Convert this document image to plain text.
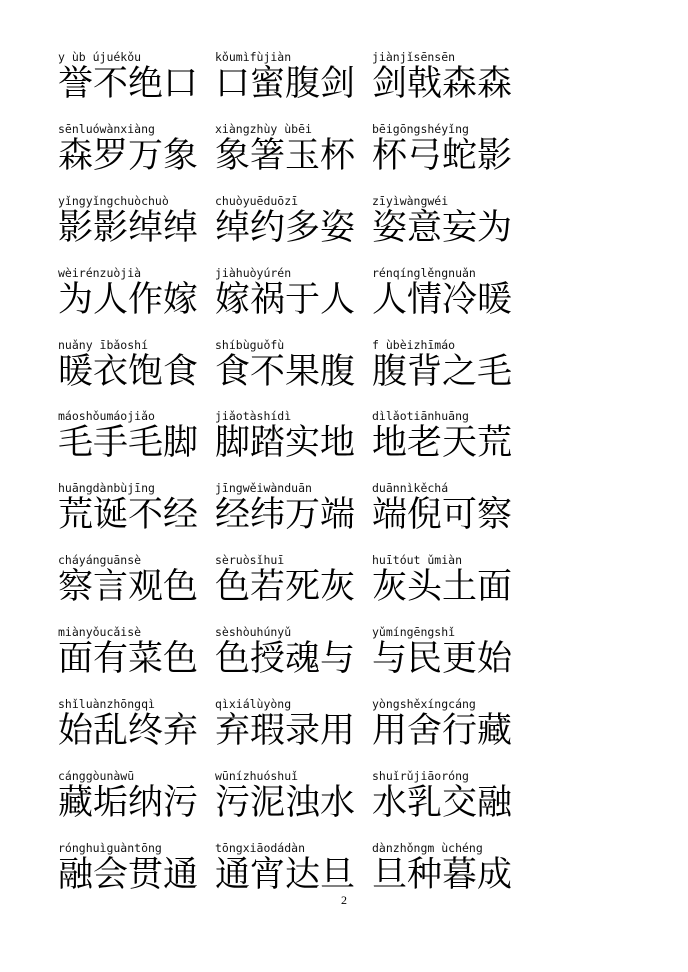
y ùb újuékǒu
誉不绝口
kǒumìfùjiàn
口蜜腹剑
jiànjǐsēnsēn
剑戟森森
sēnluówànxiàng
森罗万象
xiàngzhùy ùbēi
象箸玉杯
bēigōngshéyǐng
杯弓蛇影
yǐngyǐngchuòchuò
影影绰绰
chuòyuēduōzī
绰约多姿
zīyìwàngwéi
姿意妄为
wèirénzuòjià
为人作嫁
jiàhuòyúrén
嫁祸于人
rénqínglěngnuǎn
人情冷暖
nuǎny ībǎoshí
暖衣饱食
shíbùguǒfù
食不果腹
f ùbèizhīmáo
腹背之毛
máoshǒumáojiǎo
毛手毛脚
jiǎotàshídì
脚踏实地
dìlǎotiānhuāng
地老天荒
huāngdànbùjīng
荒诞不经
jīngwěiwànduān
经纬万端
duānnìkěchá
端倪可察
cháyánguānsè
察言观色
sèruòsǐhuī
色若死灰
huītóut ǔmiàn
灰头土面
miànyǒucǎisè
面有菜色
sèshòuhúnyǔ
色授魂与
yǔmíngēngshǐ
与民更始
shǐluànzhōngqì
始乱终弃
qìxiálùyòng
弃瑕录用
yòngshěxíngcáng
用舍行藏
cánggòunàwū
藏垢纳污
wūnízhuóshuǐ
污泥浊水
shuǐrǔjiāoróng
水乳交融
rónghuìguàntōng
融会贯通
tōngxiāodádàn
通宵达旦
dànzhǒngm ùchéng
旦种暮成
2
